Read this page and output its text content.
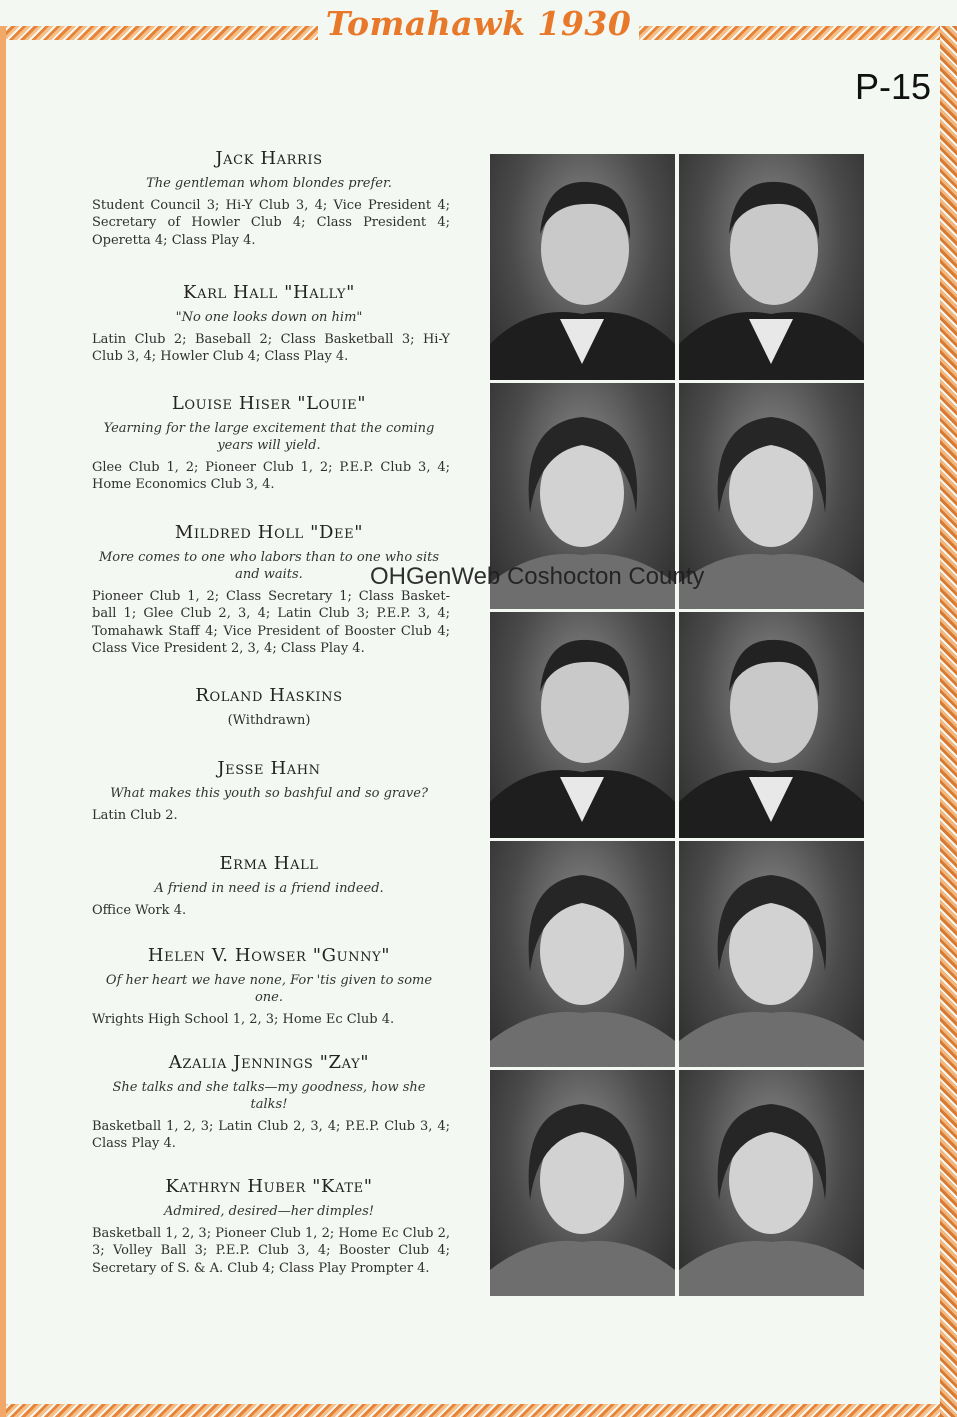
Tomahawk 1930
P-15
Jack Harris
The gentleman whom blondes prefer.
Student Council 3; Hi-Y Club 3, 4; Vice President 4; Secretary of Howler Club 4; Class President 4; Operetta 4; Class Play 4.
Karl Hall "Hally"
"No one looks down on him"
Latin Club 2; Baseball 2; Class Basketball 3; Hi-Y Club 3, 4; Howler Club 4; Class Play 4.
Louise Hiser "Louie"
Yearning for the large excitement that the coming years will yield.
Glee Club 1, 2; Pioneer Club 1, 2; P.E.P. Club 3, 4; Home Economics Club 3, 4.
Mildred Holl "Dee"
More comes to one who labors than to one who sits and waits.
Pioneer Club 1, 2; Class Secretary 1; Class Basket-ball 1; Glee Club 2, 3, 4; Latin Club 3; P.E.P. 3, 4; Tomahawk Staff 4; Vice President of Booster Club 4; Class Vice President 2, 3, 4; Class Play 4.
Roland Haskins
(Withdrawn)
Jesse Hahn
What makes this youth so bashful and so grave?
Latin Club 2.
Erma Hall
A friend in need is a friend indeed.
Office Work 4.
Helen V. Howser "Gunny"
Of her heart we have none, For 'tis given to some one.
Wrights High School 1, 2, 3; Home Ec Club 4.
Azalia Jennings "Zay"
She talks and she talks—my goodness, how she talks!
Basketball 1, 2, 3; Latin Club 2, 3, 4; P.E.P. Club 3, 4; Class Play 4.
Kathryn Huber "Kate"
Admired, desired—her dimples!
Basketball 1, 2, 3; Pioneer Club 1, 2; Home Ec Club 2, 3; Volley Ball 3; P.E.P. Club 3, 4; Booster Club 4; Secretary of S. & A. Club 4; Class Play Prompter 4.
OHGenWeb Coshocton County
